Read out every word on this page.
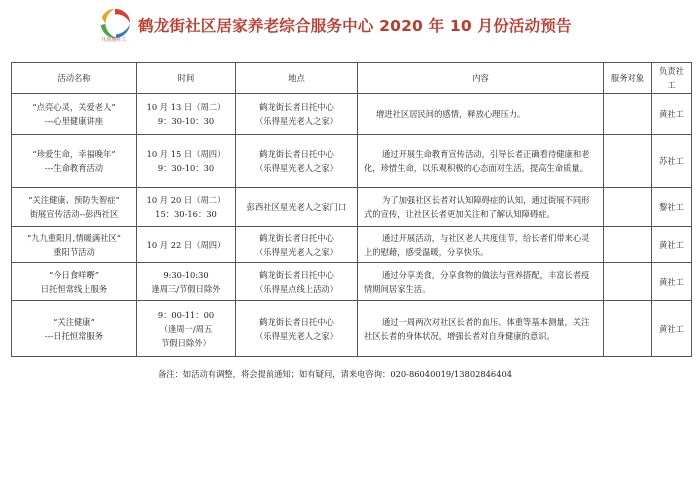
凡尚雅社工
鹤龙街社区居家养老综合服务中心 2020 年 10 月份活动预告
活动名称	时间	地点	内容	服务对象	负责社工

“点亮心灵，关爱老人”
---心里健康讲座	10 月 13 日（周二）
9：30-10：30	鹤龙街长者日托中心
（乐得星光老人之家）	增进社区居民间的感情，释放心理压力。		黄社工

“珍爱生命，幸福晚年”
---生命教育活动	10 月 15 日（周四）
9：30-10：30	鹤龙街长者日托中心
（乐得星光老人之家）	通过开展生命教育宣传活动，引导长者正确看待健康和老化，珍惜生命，以乐观积极的心态面对生活，提高生命质量。		苏社工

“关注健康、预防失智症”
街展宣传活动--彭西社区	10 月 20 日（周二）
15：30-16：30	彭西社区星光老人之家门口	为了加强社区长者对认知障碍症的认知，通过街展不同形式的宣传，让社区长者更加关注和了解认知障碍症。		黎社工

“九九重阳月,情暖满社区”
重阳节活动	10 月 22 日（周四）	鹤龙街长者日托中心
（乐得星光老人之家）	通过开展活动，与社区老人共度佳节，给长者们带来心灵上的慰藉，感受温暖，分享快乐。		黄社工

“今日食咩嘢”
日托恒常线上服务	9:30-10:30
逢周三/节假日除外	鹤龙街长者日托中心
（乐得星点线上活动）	通过分享美食，分享食物的做法与营养搭配，丰富长者疫情期间居家生活。		黄社工

“关注健康”
---日托恒常服务	9：00-11：00
（逢周一/周五
节假日除外）	鹤龙街长者日托中心
（乐得星光老人之家）	通过一周两次对社区长者的血压、体重等基本测量，关注社区长者的身体状况，增强长者对自身健康的意识。		黄社工
备注：如活动有调整，将会提前通知；如有疑问，请来电咨询：020-86040019/13802846404
